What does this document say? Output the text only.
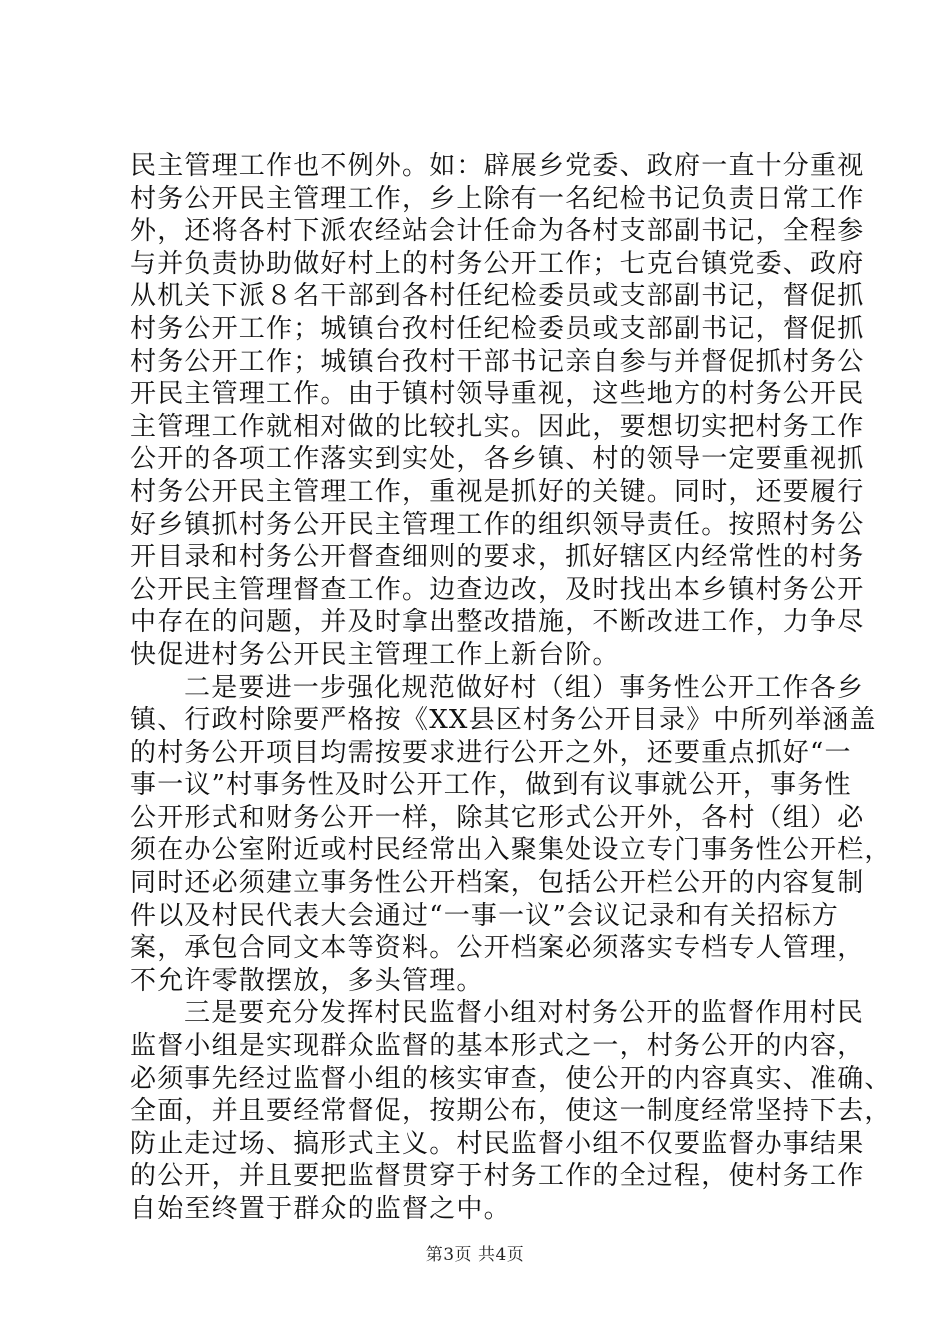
民主管理工作也不例外。如：辟展乡党委、政府一直十分重视
村务公开民主管理工作，乡上除有一名纪检书记负责日常工作
外，还将各村下派农经站会计任命为各村支部副书记，全程参
与并负责协助做好村上的村务公开工作；七克台镇党委、政府
从机关下派８名干部到各村任纪检委员或支部副书记，督促抓
村务公开工作；城镇台孜村任纪检委员或支部副书记，督促抓
村务公开工作；城镇台孜村干部书记亲自参与并督促抓村务公
开民主管理工作。由于镇村领导重视，这些地方的村务公开民
主管理工作就相对做的比较扎实。因此，要想切实把村务工作
公开的各项工作落实到实处，各乡镇、村的领导一定要重视抓
村务公开民主管理工作，重视是抓好的关键。同时，还要履行
好乡镇抓村务公开民主管理工作的组织领导责任。按照村务公
开目录和村务公开督查细则的要求，抓好辖区内经常性的村务
公开民主管理督查工作。边查边改，及时找出本乡镇村务公开
中存在的问题，并及时拿出整改措施，不断改进工作，力争尽
快促进村务公开民主管理工作上新台阶。
二是要进一步强化规范做好村（组）事务性公开工作各乡
镇、行政村除要严格按《XX县区村务公开目录》中所列举涵盖
的村务公开项目均需按要求进行公开之外，还要重点抓好“一
事一议”村事务性及时公开工作，做到有议事就公开，事务性
公开形式和财务公开一样，除其它形式公开外，各村（组）必
须在办公室附近或村民经常出入聚集处设立专门事务性公开栏，
同时还必须建立事务性公开档案，包括公开栏公开的内容复制
件以及村民代表大会通过“一事一议”会议记录和有关招标方
案，承包合同文本等资料。公开档案必须落实专档专人管理，
不允许零散摆放，多头管理。
三是要充分发挥村民监督小组对村务公开的监督作用村民
监督小组是实现群众监督的基本形式之一，村务公开的内容，
必须事先经过监督小组的核实审查，使公开的内容真实、准确、
全面，并且要经常督促，按期公布，使这一制度经常坚持下去，
防止走过场、搞形式主义。村民监督小组不仅要监督办事结果
的公开，并且要把监督贯穿于村务工作的全过程，使村务工作
自始至终置于群众的监督之中。
第3页 共4页
